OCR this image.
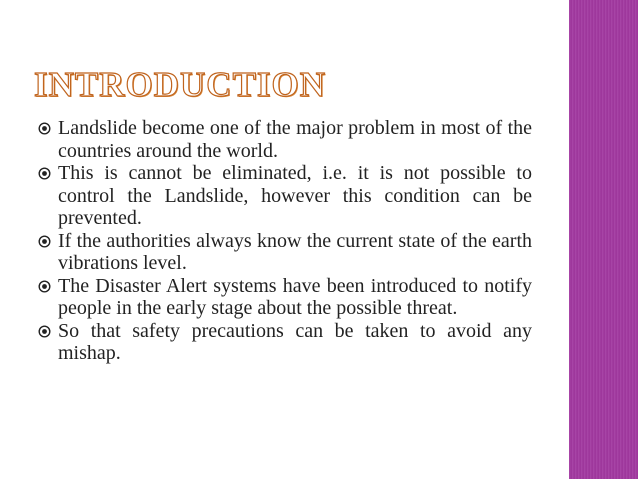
INTRODUCTION
Landslide become one of the major problem in most of the countries around the world.
This is cannot be eliminated, i.e. it is not possible to control the Landslide, however this condition can be prevented.
If the authorities always know the current state of the earth vibrations level.
The Disaster Alert systems have been introduced to notify people in the early stage about the possible threat.
So that safety precautions can be taken to avoid any mishap.
